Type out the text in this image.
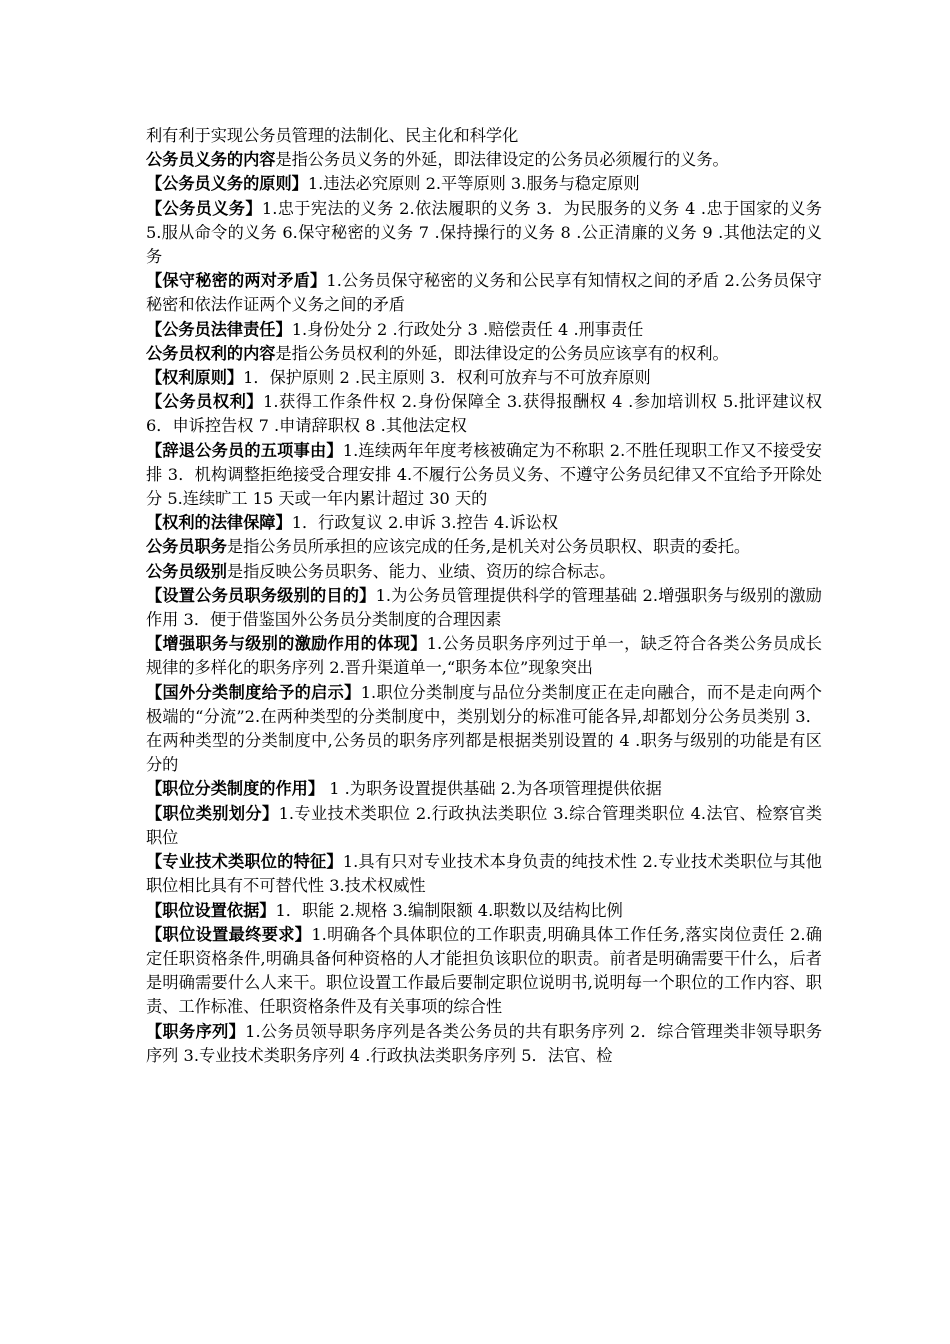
利有利于实现公务员管理的法制化、民主化和科学化

公务员义务的内容是指公务员义务的外延，即法律设定的公务员必须履行的义务。

【公务员义务的原则】1.违法必究原则 2.平等原则 3.服务与稳定原则

【公务员义务】1.忠于宪法的义务 2.依法履职的义务 3．为民服务的义务 4 .忠于国家的义务 5.服从命令的义务 6.保守秘密的义务 7 .保持操行的义务 8 .公正清廉的义务 9 .其他法定的义务

【保守秘密的两对矛盾】1.公务员保守秘密的义务和公民享有知情权之间的矛盾 2.公务员保守秘密和依法作证两个义务之间的矛盾

【公务员法律责任】1.身份处分 2 .行政处分 3 .赔偿责任 4 .刑事责任

公务员权利的内容是指公务员权利的外延，即法律设定的公务员应该享有的权利。

【权利原则】1．保护原则 2 .民主原则 3．权利可放弃与不可放弃原则

【公务员权利】1.获得工作条件权 2.身份保障全 3.获得报酬权 4 .参加培训权 5.批评建议权 6．申诉控告权 7 .申请辞职权 8 .其他法定权

【辞退公务员的五项事由】1.连续两年年度考核被确定为不称职 2.不胜任现职工作又不接受安排 3．机构调整拒绝接受合理安排 4.不履行公务员义务、不遵守公务员纪律又不宜给予开除处分 5.连续旷工 15 天或一年内累计超过 30 天的

【权利的法律保障】1．行政复议 2.申诉 3.控告 4.诉讼权

公务员职务是指公务员所承担的应该完成的任务,是机关对公务员职权、职责的委托。

公务员级别是指反映公务员职务、能力、业绩、资历的综合标志。

【设置公务员职务级别的目的】1.为公务员管理提供科学的管理基础 2.增强职务与级别的激励作用 3．便于借鉴国外公务员分类制度的合理因素

【增强职务与级别的激励作用的体现】1.公务员职务序列过于单一，缺乏符合各类公务员成长规律的多样化的职务序列 2.晋升渠道单一,“职务本位”现象突出

【国外分类制度给予的启示】1.职位分类制度与品位分类制度正在走向融合，而不是走向两个极端的“分流”2.在两种类型的分类制度中，类别划分的标准可能各异,却都划分公务员类别 3．在两种类型的分类制度中,公务员的职务序列都是根据类别设置的 4 .职务与级别的功能是有区分的

【职位分类制度的作用】 1 .为职务设置提供基础 2.为各项管理提供依据

【职位类别划分】1.专业技术类职位 2.行政执法类职位 3.综合管理类职位 4.法官、检察官类职位

【专业技术类职位的特征】1.具有只对专业技术本身负责的纯技术性 2.专业技术类职位与其他职位相比具有不可替代性 3.技术权威性

【职位设置依据】1．职能 2.规格 3.编制限额 4.职数以及结构比例

【职位设置最终要求】1.明确各个具体职位的工作职责,明确具体工作任务,落实岗位责任 2.确定任职资格条件,明确具备何种资格的人才能担负该职位的职责。前者是明确需要干什么，后者是明确需要什么人来干。职位设置工作最后要制定职位说明书,说明每一个职位的工作内容、职责、工作标准、任职资格条件及有关事项的综合性

【职务序列】1.公务员领导职务序列是各类公务员的共有职务序列 2．综合管理类非领导职务序列 3.专业技术类职务序列 4 .行政执法类职务序列 5．法官、检
